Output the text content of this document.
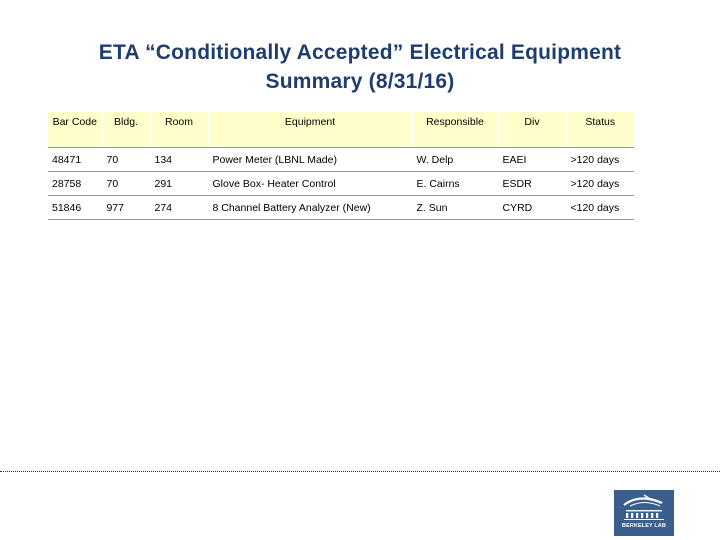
ETA “Conditionally Accepted” Electrical Equipment
Summary (8/31/16)
Bar Code	Bldg.	Room	Equipment	Responsible	Div	Status
48471	70	134	Power Meter (LBNL Made)	W. Delp	EAEI	>120 days
28758	70	291	Glove Box- Heater Control	E. Cairns	ESDR	>120 days
51846	977	274	8 Channel Battery Analyzer (New)	Z. Sun	CYRD	<120 days
BERKELEY LAB
